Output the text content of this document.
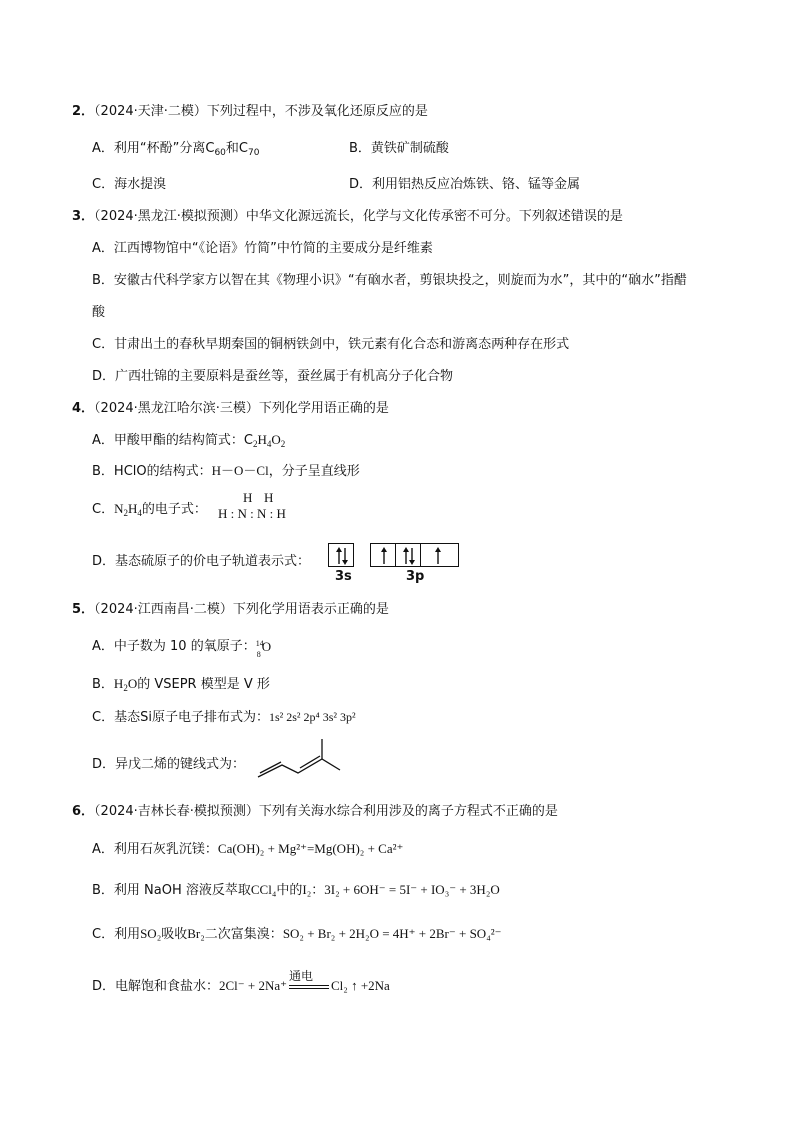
2．（2024·天津·二模）下列过程中，不涉及氧化还原反应的是
A．利用“杯酚”分离$C_{60}$和$C_{70}$	B．黄铁矿制硫酸
C．海水提溴	D．利用铝热反应冶炼铁、铬、锰等金属
3．（2024·黑龙江·模拟预测）中华文化源远流长，化学与文化传承密不可分。下列叙述错误的是
A．江西博物馆中“《论语》竹简”中竹简的主要成分是纤维素
B．安徽古代科学家方以智在其《物理小识》“有硇水者，剪银块投之，则旋而为水”，其中的“硇水”指醋
酸
C．甘肃出土的春秋早期秦国的铜柄铁剑中，铁元素有化合态和游离态两种存在形式
D．广西壮锦的主要原料是蚕丝等，蚕丝属于有机高分子化合物
4．（2024·黑龙江哈尔滨·三模）下列化学用语正确的是
A．甲酸甲酯的结构简式：$C_2H_4O_2$
B．HClO的结构式：H－O－Cl，分子呈直线形
C．$N_2H_4$的电子式：
H H
H : N : N : H
D．基态硫原子的价电子轨道表示式：
3s	3p
5．（2024·江西南昌·二模）下列化学用语表示正确的是
A．中子数为 10 的氧原子： 14
8
O
B．$H_2O$的 VSEPR 模型是 V 形
C．基态Si原子电子排布式为：1s² 2s² 2p⁴ 3s² 3p²
D．异戊二烯的键线式为：
6．（2024·吉林长春·模拟预测）下列有关海水综合利用涉及的离子方程式不正确的是
A．利用石灰乳沉镁：Ca(OH)₂ + Mg²⁺=Mg(OH)₂ + Ca²⁺
B．利用 NaOH 溶液反萃取CCl₄中的I₂：3I₂ + 6OH⁻ = 5I⁻ + IO₃⁻ + 3H₂O
C．利用SO₂吸收Br₂二次富集溴：SO₂ + Br₂ + 2H₂O = 4H⁺ + 2Br⁻ + SO₄²⁻
D．电解饱和食盐水：2Cl⁻ + 2Na⁺
通电
Cl₂ ↑ +2Na
